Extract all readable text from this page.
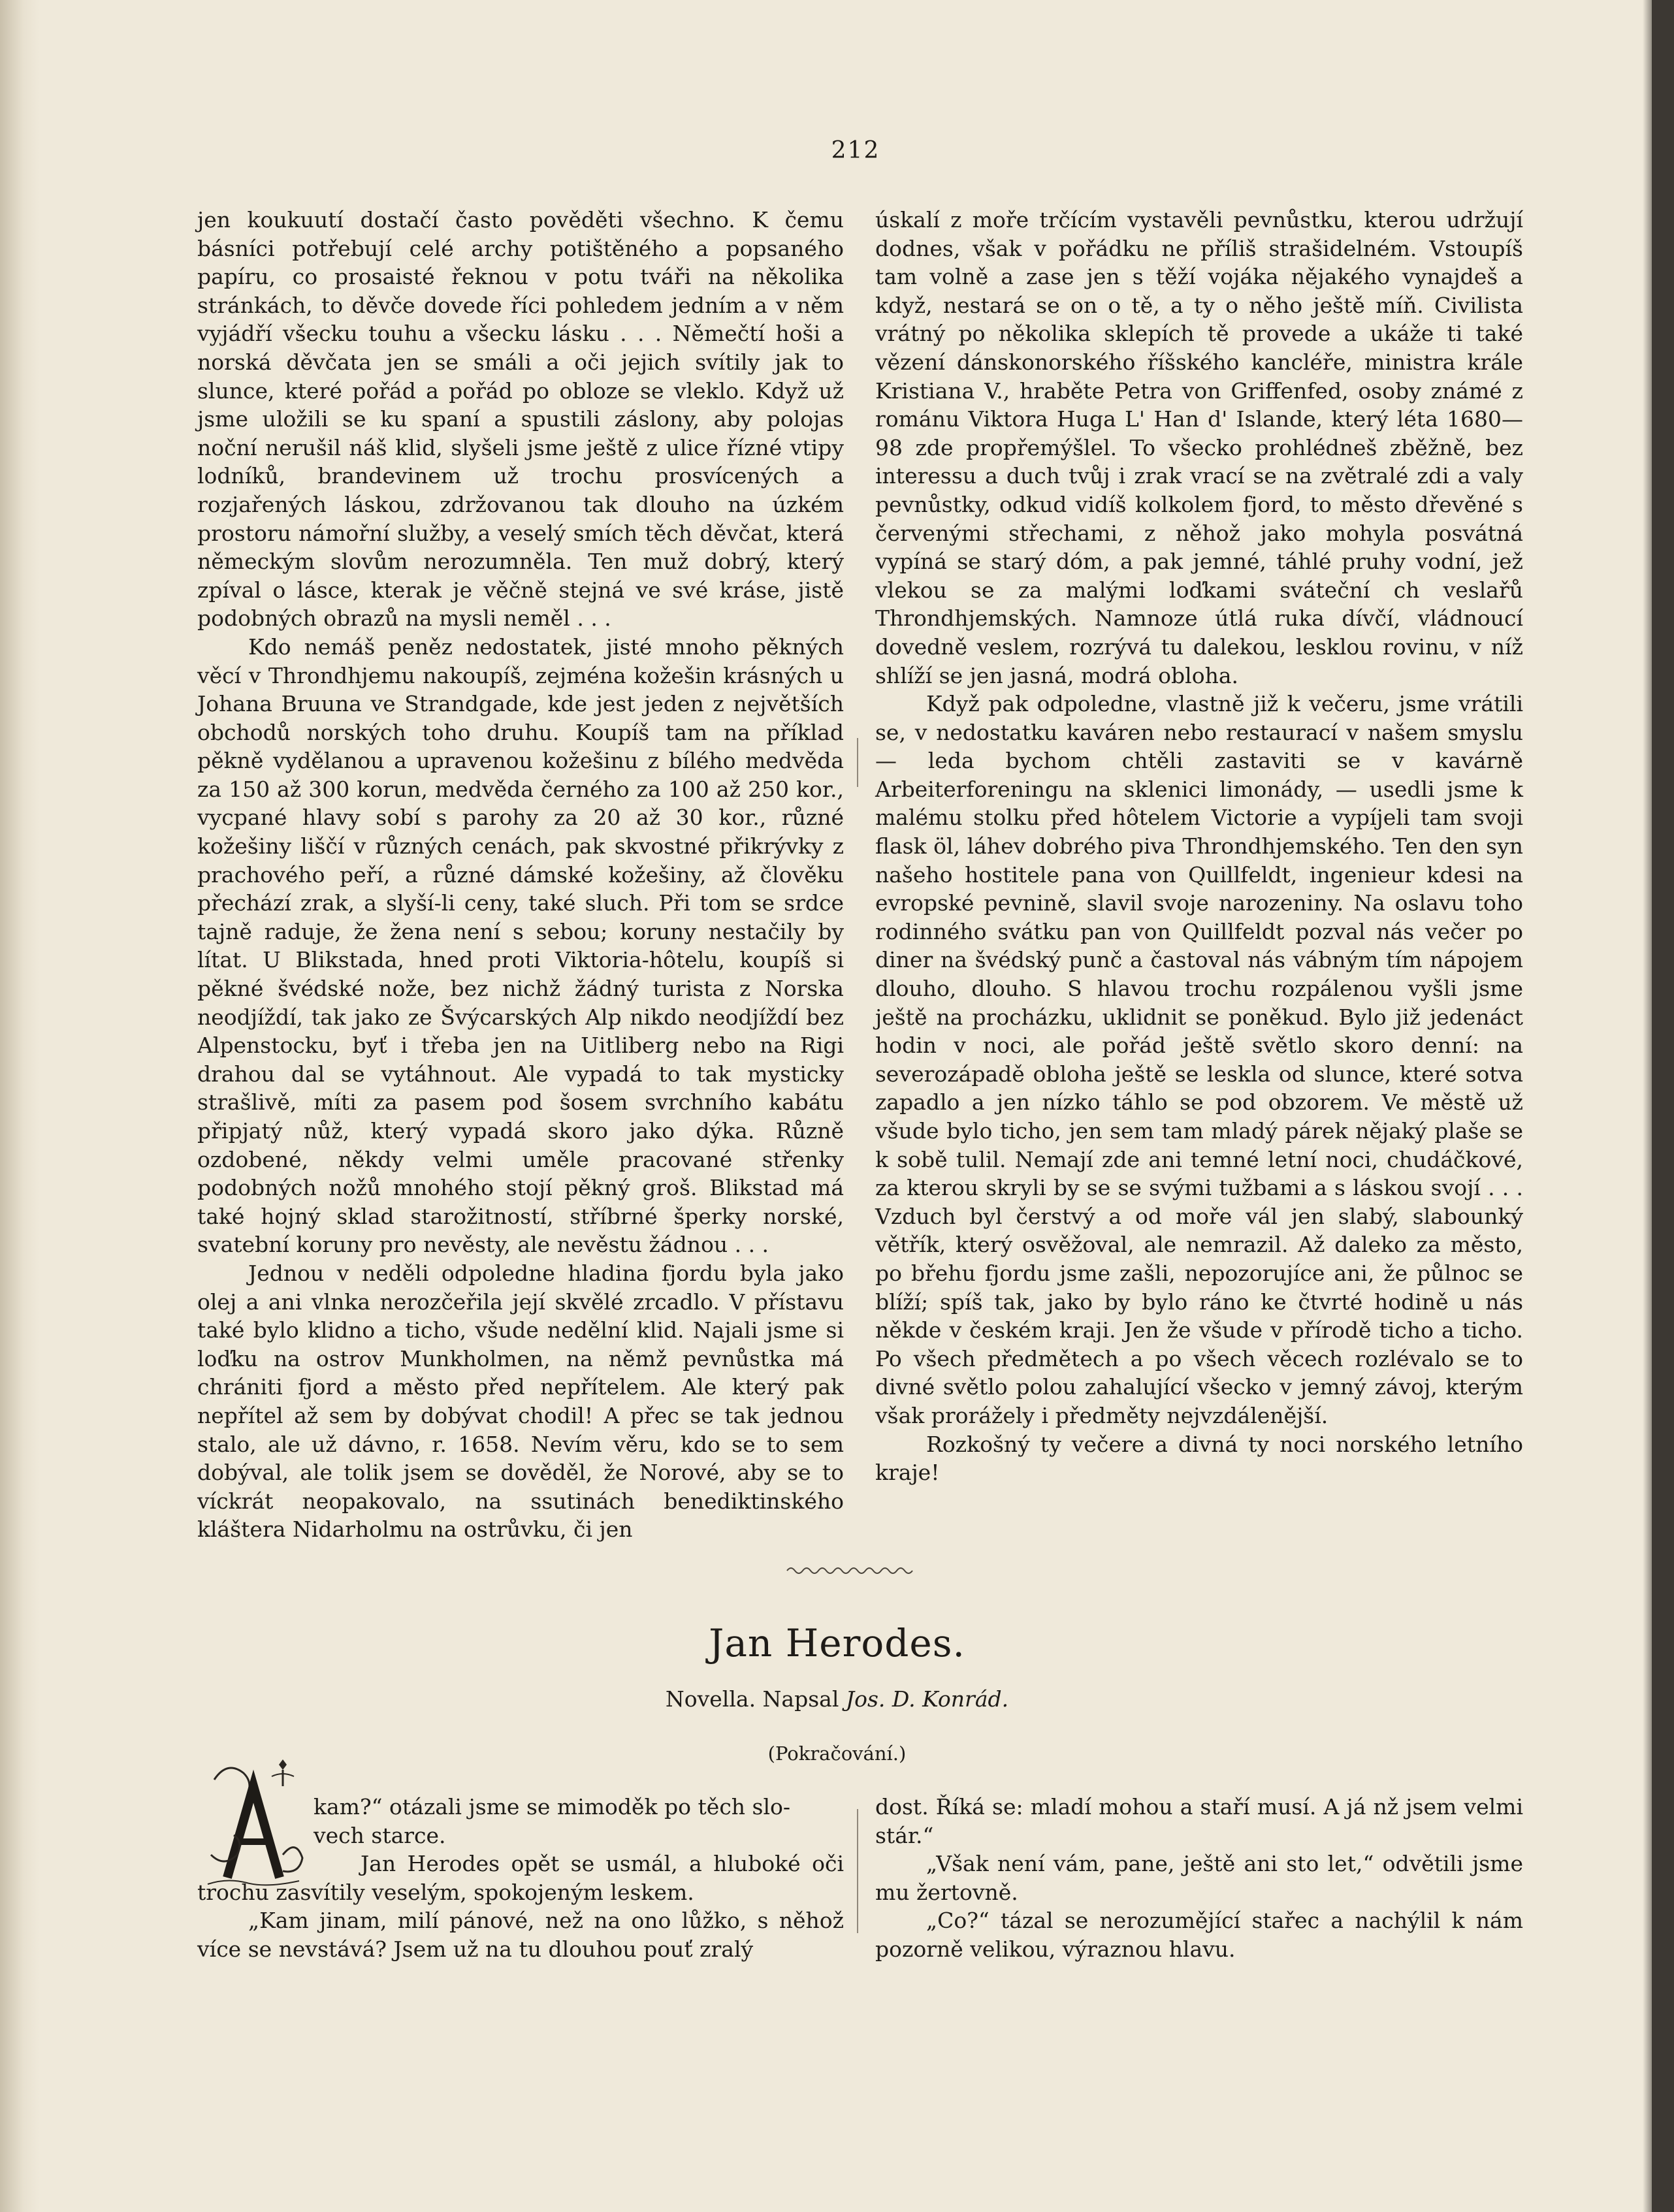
212

jen koukuutí dostačí často pověděti všechno. K čemu básníci potřebují celé archy potištěného a popsaného papíru, co prosaisté řeknou v potu tváři na několika stránkách, to děvče dovede říci pohledem jedním a v něm vyjádří všecku touhu a všecku lásku . . . Němečtí hoši a norská děvčata jen se smáli a oči jejich svítily jak to slunce, které pořád a pořád po obloze se vleklo. Když už jsme uložili se ku spaní a spustili záslony, aby polojas noční nerušil náš klid, slyšeli jsme ještě z ulice řízné vtipy lodníků, brandevinem už trochu prosvícených a rozjařených láskou, zdržovanou tak dlouho na úzkém prostoru námořní služby, a veselý smích těch děvčat, která německým slovům nerozumněla. Ten muž dobrý, který zpíval o lásce, kterak je věčně stejná ve své kráse, jistě podobných obrazů na mysli neměl . . .

Kdo nemáš peněz nedostatek, jisté mnoho pěkných věcí v Throndhjemu nakoupíš, zejména kožešin krásných u Johana Bruuna ve Strandgade, kde jest jeden z největších obchodů norských toho druhu. Koupíš tam na příklad pěkně vydělanou a upravenou kožešinu z bílého medvěda za 150 až 300 korun, medvěda černého za 100 až 250 kor., vycpané hlavy sobí s parohy za 20 až 30 kor., různé kožešiny liščí v různých cenách, pak skvostné přikrývky z prachového peří, a různé dámské kožešiny, až člověku přechází zrak, a slyší-li ceny, také sluch. Při tom se srdce tajně raduje, že žena není s sebou; koruny nestačily by lítat. U Blikstada, hned proti Viktoria-hôtelu, koupíš si pěkné švédské nože, bez nichž žádný turista z Norska neodjíždí, tak jako ze Švýcarských Alp nikdo neodjíždí bez Alpenstocku, byť i třeba jen na Uitliberg nebo na Rigi drahou dal se vytáhnout. Ale vypadá to tak mysticky strašlivě, míti za pasem pod šosem svrchního kabátu připjatý nůž, který vypadá skoro jako dýka. Různě ozdobené, někdy velmi uměle pracované střenky podobných nožů mnohého stojí pěkný groš. Blikstad má také hojný sklad starožitností, stříbrné šperky norské, svatební koruny pro nevěsty, ale nevěstu žádnou . . .

Jednou v neděli odpoledne hladina fjordu byla jako olej a ani vlnka nerozčeřila její skvělé zrcadlo. V přístavu také bylo klidno a ticho, všude nedělní klid. Najali jsme si loďku na ostrov Munkholmen, na němž pevnůstka má chrániti fjord a město před nepřítelem. Ale který pak nepřítel až sem by dobývat chodil! A přec se tak jednou stalo, ale už dávno, r. 1658. Nevím věru, kdo se to sem dobýval, ale tolik jsem se dověděl, že Norové, aby se to víckrát neopakovalo, na ssutinách benediktinského kláštera Nidarholmu na ostrůvku, či jen

úskalí z moře trčícím vystavěli pevnůstku, kterou udržují dodnes, však v pořádku ne příliš strašidelném. Vstoupíš tam volně a zase jen s těží vojáka nějakého vynajdeš a když, nestará se on o tě, a ty o něho ještě míň. Civilista vrátný po několika sklepích tě provede a ukáže ti také vězení dánskonorského říšského kancléře, ministra krále Kristiana V., hraběte Petra von Griffenfed, osoby známé z románu Viktora Huga L' Han d' Islande, který léta 1680—98 zde propřemýšlel. To všecko prohlédneš zběžně, bez interessu a duch tvůj i zrak vrací se na zvětralé zdi a valy pevnůstky, odkud vidíš kolkolem fjord, to město dřevěné s červenými střechami, z něhož jako mohyla posvátná vypíná se starý dóm, a pak jemné, táhlé pruhy vodní, jež vlekou se za malými loďkami sváteční ch veslařů Throndhjemských. Namnoze útlá ruka dívčí, vládnoucí dovedně veslem, rozrývá tu dalekou, lesklou rovinu, v níž shlíží se jen jasná, modrá obloha.

Když pak odpoledne, vlastně již k večeru, jsme vrátili se, v nedostatku kaváren nebo restaurací v našem smyslu — leda bychom chtěli zastaviti se v kavárně Arbeiterforeningu na sklenici limonády, — usedli jsme k malému stolku před hôtelem Victorie a vypíjeli tam svoji flask öl, láhev dobrého piva Throndhjemského. Ten den syn našeho hostitele pana von Quillfeldt, ingenieur kdesi na evropské pevnině, slavil svoje narozeniny. Na oslavu toho rodinného svátku pan von Quillfeldt pozval nás večer po diner na švédský punč a častoval nás vábným tím nápojem dlouho, dlouho. S hlavou trochu rozpálenou vyšli jsme ještě na procházku, uklidnit se poněkud. Bylo již jedenáct hodin v noci, ale pořád ještě světlo skoro denní: na severozápadě obloha ještě se leskla od slunce, které sotva zapadlo a jen nízko táhlo se pod obzorem. Ve městě už všude bylo ticho, jen sem tam mladý párek nějaký plaše se k sobě tulil. Nemají zde ani temné letní noci, chudáčkové, za kterou skryli by se se svými tužbami a s láskou svojí . . . Vzduch byl čerstvý a od moře vál jen slabý, slabounký větřík, který osvěžoval, ale nemrazil. Až daleko za město, po břehu fjordu jsme zašli, nepozorujíce ani, že půlnoc se blíží; spíš tak, jako by bylo ráno ke čtvrté hodině u nás někde v českém kraji. Jen že všude v přírodě ticho a ticho. Po všech předmětech a po všech věcech rozlévalo se to divné světlo polou zahalující všecko v jemný závoj, kterým však prorážely i předměty nejvzdálenější.

Rozkošný ty večere a divná ty noci norského letního kraje!

Jan Herodes.
Novella. Napsal Jos. D. Konrád.
(Pokračování.)

kam?“ otázali jsme se mimoděk po těch slo-

vech starce.

Jan Herodes opět se usmál, a hluboké oči trochu zasvítily veselým, spokojeným leskem.

„Kam jinam, milí pánové, než na ono lůžko, s něhož více se nevstává? Jsem už na tu dlouhou pouť zralý

dost. Říká se: mladí mohou a staří musí. A já nž jsem velmi stár.“

„Však není vám, pane, ještě ani sto let,“ odvětili jsme mu žertovně.

„Co?“ tázal se nerozumějící stařec a nachýlil k nám pozorně velikou, výraznou hlavu.
